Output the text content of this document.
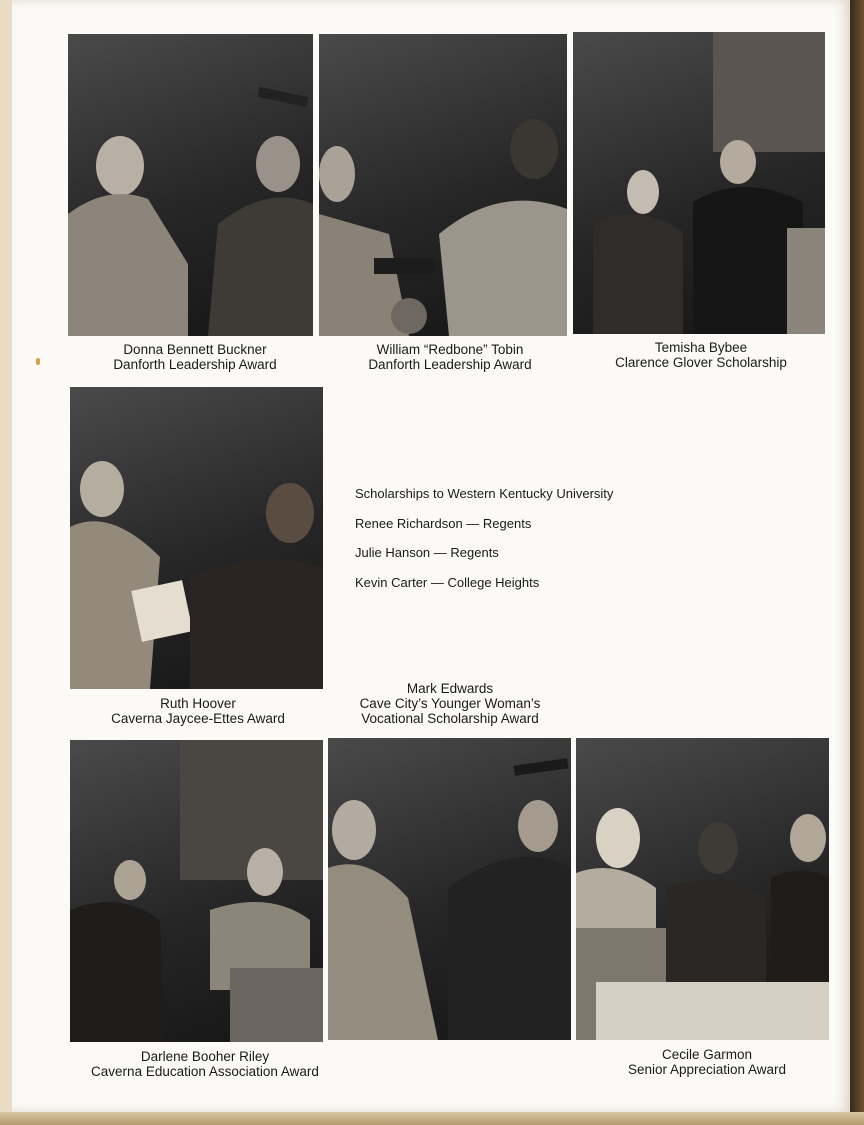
Donna Bennett Buckner
Danforth Leadership Award
William “Redbone” Tobin
Danforth Leadership Award
Temisha Bybee
Clarence Glover Scholarship
Ruth Hoover
Caverna Jaycee-Ettes Award
Scholarships to Western Kentucky University
Renee Richardson — Regents
Julie Hanson — Regents
Kevin Carter — College Heights
Mark Edwards
Cave City’s Younger Woman’s
Vocational Scholarship Award
Darlene Booher Riley
Caverna Education Association Award
Cecile Garmon
Senior Appreciation Award
